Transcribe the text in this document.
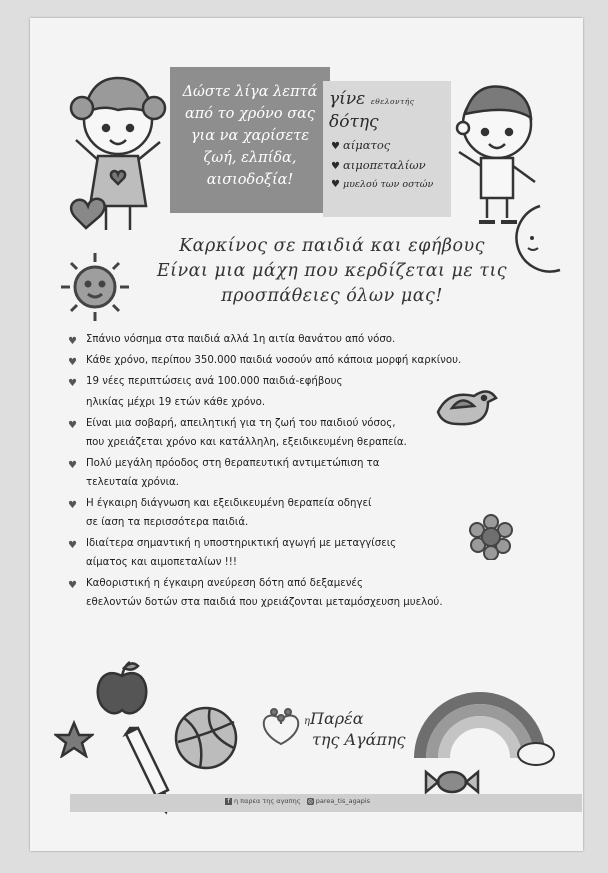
Δώστε λίγα λεπτά
από το χρόνο σας
για να χαρίσετε
ζωή, ελπίδα,
αισιοδοξία!
γίνε εθελοντής δότης
♥ αίματος
♥ αιμοπεταλίων
♥ μυελού των οστών
Καρκίνος σε παιδιά και εφήβους
Είναι μια μάχη που κερδίζεται με τις
προσπάθειες όλων μας!
♥ Σπάνιο νόσημα στα παιδιά αλλά 1η αιτία θανάτου από νόσο.
♥ Κάθε χρόνο, περίπου 350.000 παιδιά νοσούν από κάποια μορφή καρκίνου.
♥ 19 νέες περιπτώσεις ανά 100.000 παιδιά-εφήβους
ηλικίας μέχρι 19 ετών κάθε χρόνο.
♥ Είναι μια σοβαρή, απειλητική για τη ζωή του παιδιού νόσος,
που χρειάζεται χρόνο και κατάλληλη, εξειδικευμένη θεραπεία.
♥ Πολύ μεγάλη πρόοδος στη θεραπευτική αντιμετώπιση τα
τελευταία χρόνια.
♥ Η έγκαιρη διάγνωση και εξειδικευμένη θεραπεία οδηγεί
σε ίαση τα περισσότερα παιδιά.
♥ Ιδιαίτερα σημαντική η υποστηρικτική αγωγή με μεταγγίσεις
αίματος και αιμοπεταλίων !!!
♥ Καθοριστική η έγκαιρη ανεύρεση δότη από δεξαμενές
εθελοντών δοτών στα παιδιά που χρειάζονται μεταμόσχευση μυελού.
ηΠαρέα
της Αγάπης
f η παρεα της αγαπης ◎ parea_tis_agapis
